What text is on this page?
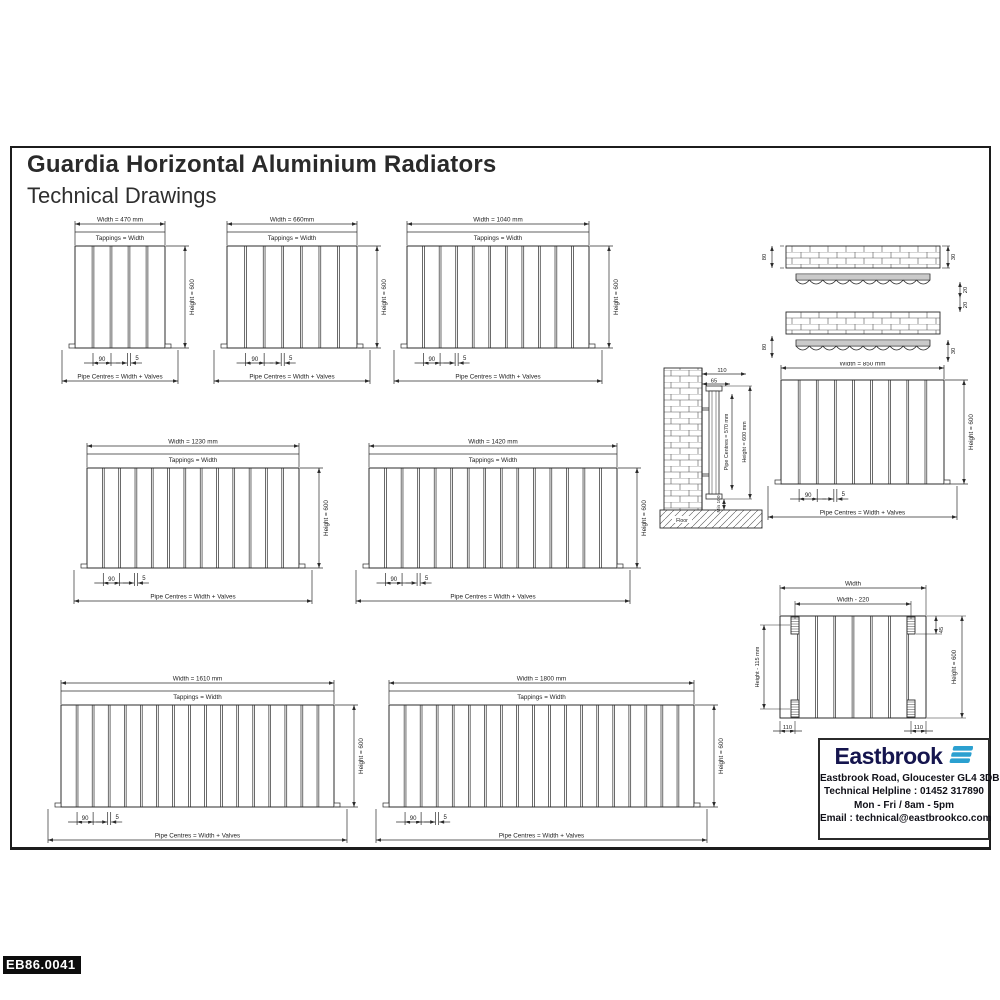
Guardia Horizontal Aluminium Radiators
Technical Drawings
Width = 470 mm
Tappings = Width
Height = 600
90	5
Pipe Centres = Width + Valves
Width = 660mm
Tappings = Width
Height = 600
90	5
Pipe Centres = Width + Valves
Width = 1040 mm
Tappings = Width
Height = 600
90	5
Pipe Centres = Width + Valves
Width = 1230 mm
Tappings = Width
Height = 600
90	5
Pipe Centres = Width + Valves
Width = 1420 mm
Tappings = Width
Height = 600
90	5
Pipe Centres = Width + Valves
Width = 1610 mm
Tappings = Width
Height = 600
90	5
Pipe Centres = Width + Valves
Width = 1800 mm
Tappings = Width
Height = 600
90	5
Pipe Centres = Width + Valves
Width = 850 mm
Height = 600
90	5
Pipe Centres = Width + Valves
80	30
20
20
80
30
Floor
110
65
Pipe Centres = 570 mm Height = 600 mm
Min 100
Width
Width - 220
Height - 115 mm
45
Height = 600
110	110
Eastbrook
Eastbrook Road, Gloucester GL4 3DB
Technical Helpline : 01452 317890
Mon - Fri / 8am - 5pm
Email : technical@eastbrookco.com
EB86.0041
